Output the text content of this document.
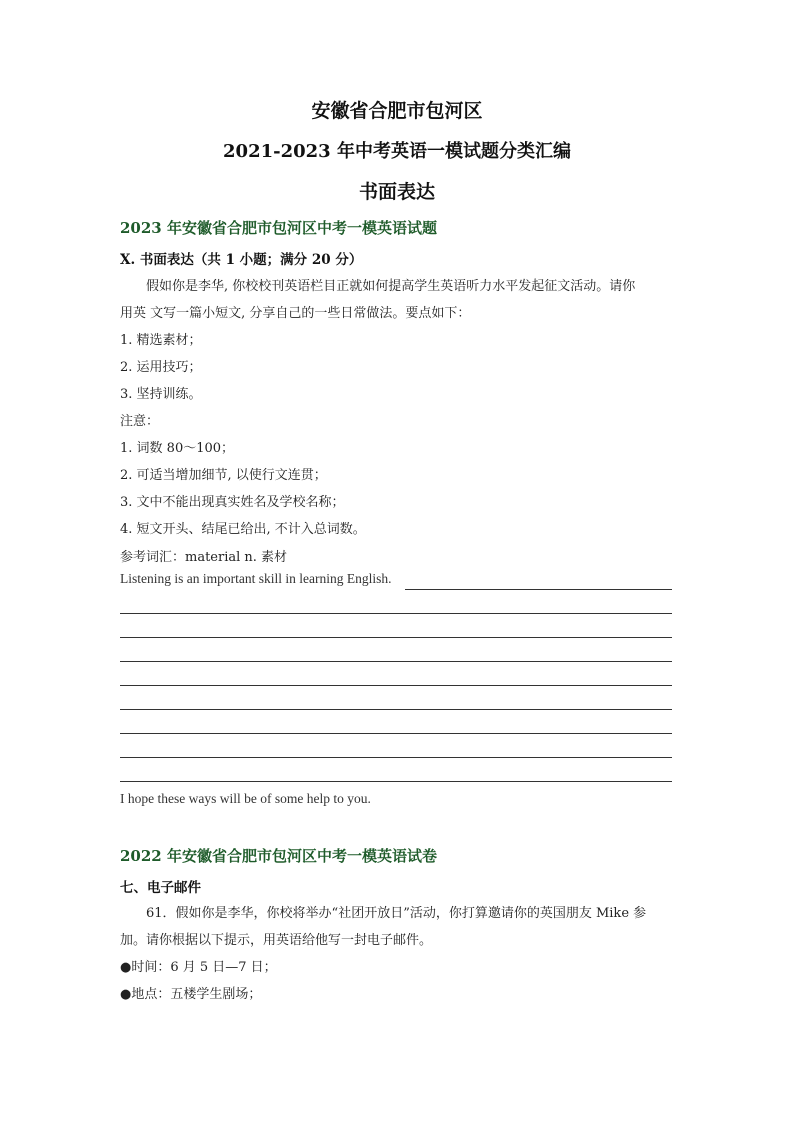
安徽省合肥市包河区
2021-2023 年中考英语一模试题分类汇编
书面表达
2023 年安徽省合肥市包河区中考一模英语试题
X. 书面表达（共 1 小题；满分 20 分）
假如你是李华, 你校校刊英语栏目正就如何提高学生英语听力水平发起征文活动。请你
用英 文写一篇小短文, 分享自己的一些日常做法。要点如下：
1. 精选素材；
2. 运用技巧；
3. 坚持训练。
注意：
1. 词数 80～100；
2. 可适当增加细节, 以使行文连贯；
3. 文中不能出现真实姓名及学校名称；
4. 短文开头、结尾已给出, 不计入总词数。
参考词汇：material n. 素材
Listening is an important skill in learning English.
I hope these ways will be of some help to you.
2022 年安徽省合肥市包河区中考一模英语试卷
七、电子邮件
61．假如你是李华，你校将举办“社团开放日”活动，你打算邀请你的英国朋友 Mike 参
加。请你根据以下提示，用英语给他写一封电子邮件。
●时间：6 月 5 日—7 日；
●地点：五楼学生剧场；
